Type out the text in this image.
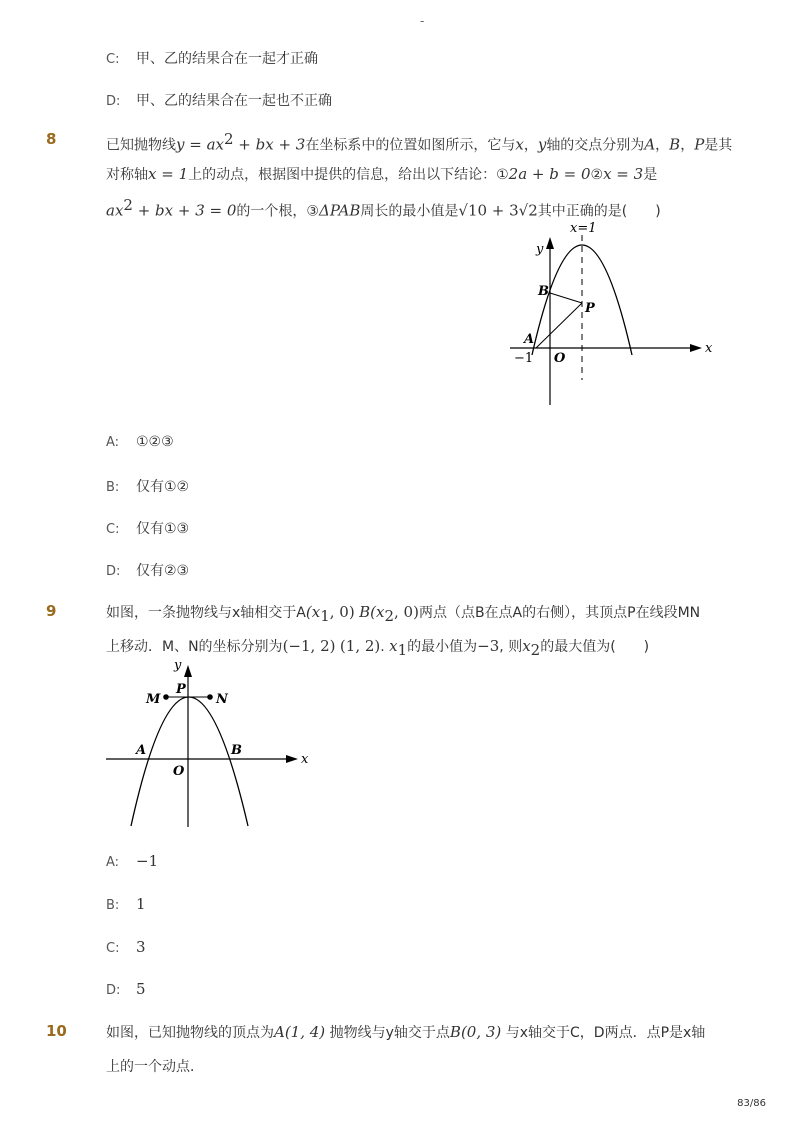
-
C: 甲、乙的结果合在一起才正确
D: 甲、乙的结果合在一起也不正确
8	已知抛物线$y = ax^2$ + bx + 3在坐标系中的位置如图所示，它与x，y轴的交点分别为A，B，P是其
对称轴x = 1上的动点，根据图中提供的信息，给出以下结论：①2a + b = 0②x = 3是
$ax^2$ + bx + 3 = 0的一个根，③ΔPAB周长的最小值是√10 + 3√2其中正确的是(　　)
x=1
y
x
B
P
A
−1 O
A: ①②③
B: 仅有①②
C: 仅有①③
D: 仅有②③
9	如图，一条抛物线与x轴相交于$A(x_1$, 0) $B(x_2$, 0)两点（点B在点A的右侧），其顶点P在线段MN
上移动．M、N的坐标分别为(−1, 2) (1, 2). $x_1$的最小值为−3, 则$x_2$的最大值为(　　)
y
P
M	N
A	B
O
x
A: −1
B: 1
C: 3
D: 5
10	如图，已知抛物线的顶点为A(1, 4) 抛物线与y轴交于点B(0, 3) 与x轴交于C，D两点．点P是x轴
上的一个动点．
83/86
